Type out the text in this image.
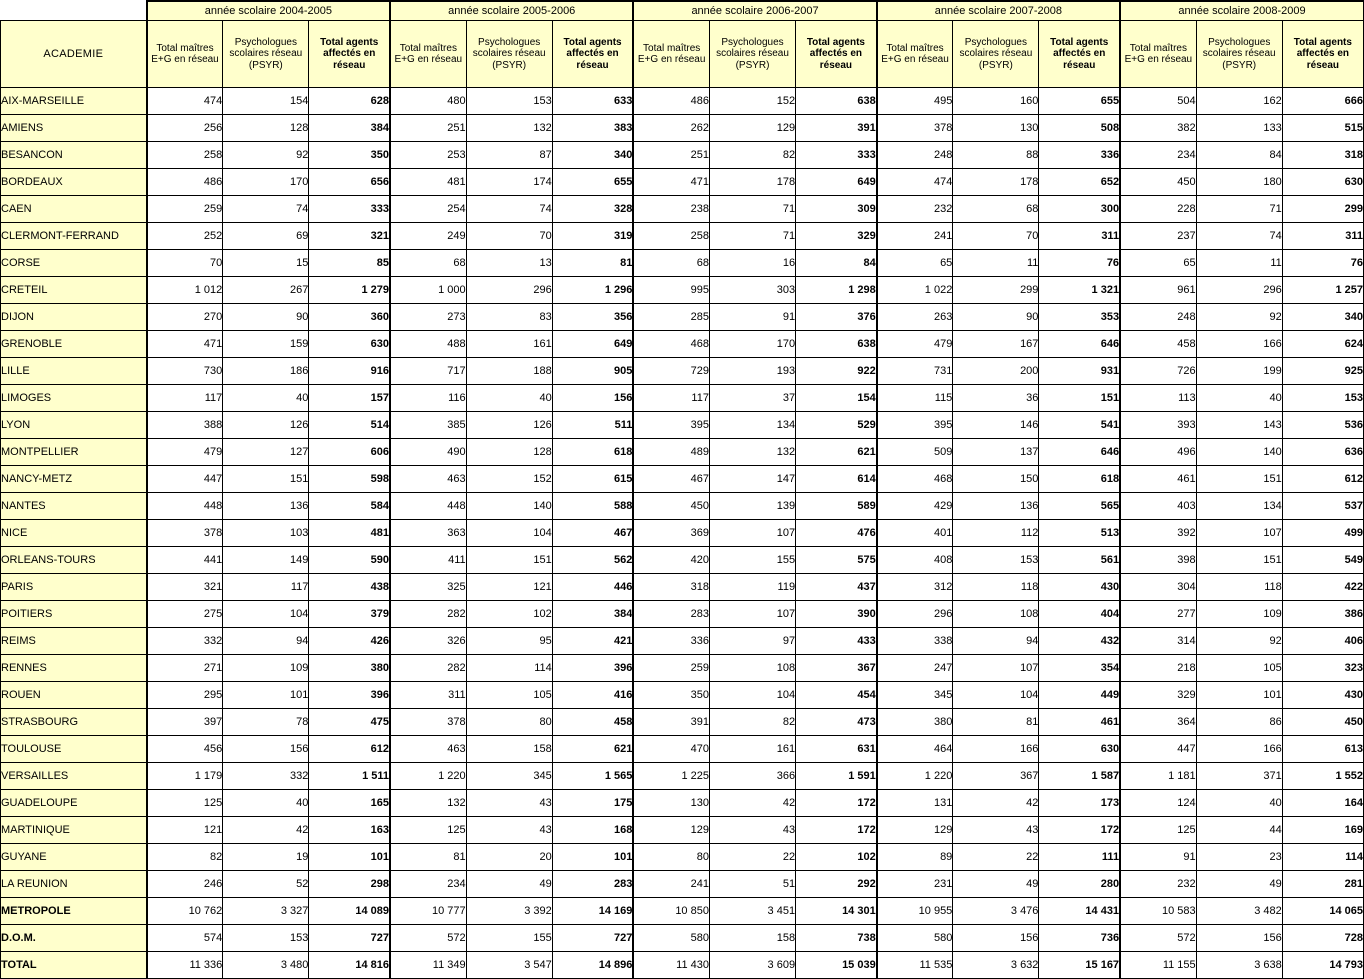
	année scolaire 2004-2005			année scolaire 2005-2006			année scolaire 2006-2007			année scolaire 2007-2008			année scolaire 2008-2009		
ACADEMIE	Total maîtres E+G en réseau	Psychologues scolaires réseau (PSYR)	Total agents affectés en réseau	Total maîtres E+G en réseau	Psychologues scolaires réseau (PSYR)	Total agents affectés en réseau	Total maîtres E+G en réseau	Psychologues scolaires réseau (PSYR)	Total agents affectés en réseau	Total maîtres E+G en réseau	Psychologues scolaires réseau (PSYR)	Total agents affectés en réseau	Total maîtres E+G en réseau	Psychologues scolaires réseau (PSYR)	Total agents affectés en réseau
AIX-MARSEILLE	474	154	628	480	153	633	486	152	638	495	160	655	504	162	666
AMIENS	256	128	384	251	132	383	262	129	391	378	130	508	382	133	515
BESANCON	258	92	350	253	87	340	251	82	333	248	88	336	234	84	318
BORDEAUX	486	170	656	481	174	655	471	178	649	474	178	652	450	180	630
CAEN	259	74	333	254	74	328	238	71	309	232	68	300	228	71	299
CLERMONT-FERRAND	252	69	321	249	70	319	258	71	329	241	70	311	237	74	311
CORSE	70	15	85	68	13	81	68	16	84	65	11	76	65	11	76
CRETEIL	1 012	267	1 279	1 000	296	1 296	995	303	1 298	1 022	299	1 321	961	296	1 257
DIJON	270	90	360	273	83	356	285	91	376	263	90	353	248	92	340
GRENOBLE	471	159	630	488	161	649	468	170	638	479	167	646	458	166	624
LILLE	730	186	916	717	188	905	729	193	922	731	200	931	726	199	925
LIMOGES	117	40	157	116	40	156	117	37	154	115	36	151	113	40	153
LYON	388	126	514	385	126	511	395	134	529	395	146	541	393	143	536
MONTPELLIER	479	127	606	490	128	618	489	132	621	509	137	646	496	140	636
NANCY-METZ	447	151	598	463	152	615	467	147	614	468	150	618	461	151	612
NANTES	448	136	584	448	140	588	450	139	589	429	136	565	403	134	537
NICE	378	103	481	363	104	467	369	107	476	401	112	513	392	107	499
ORLEANS-TOURS	441	149	590	411	151	562	420	155	575	408	153	561	398	151	549
PARIS	321	117	438	325	121	446	318	119	437	312	118	430	304	118	422
POITIERS	275	104	379	282	102	384	283	107	390	296	108	404	277	109	386
REIMS	332	94	426	326	95	421	336	97	433	338	94	432	314	92	406
RENNES	271	109	380	282	114	396	259	108	367	247	107	354	218	105	323
ROUEN	295	101	396	311	105	416	350	104	454	345	104	449	329	101	430
STRASBOURG	397	78	475	378	80	458	391	82	473	380	81	461	364	86	450
TOULOUSE	456	156	612	463	158	621	470	161	631	464	166	630	447	166	613
VERSAILLES	1 179	332	1 511	1 220	345	1 565	1 225	366	1 591	1 220	367	1 587	1 181	371	1 552
GUADELOUPE	125	40	165	132	43	175	130	42	172	131	42	173	124	40	164
MARTINIQUE	121	42	163	125	43	168	129	43	172	129	43	172	125	44	169
GUYANE	82	19	101	81	20	101	80	22	102	89	22	111	91	23	114
LA REUNION	246	52	298	234	49	283	241	51	292	231	49	280	232	49	281
METROPOLE	10 762	3 327	14 089	10 777	3 392	14 169	10 850	3 451	14 301	10 955	3 476	14 431	10 583	3 482	14 065
D.O.M.	574	153	727	572	155	727	580	158	738	580	156	736	572	156	728
TOTAL	11 336	3 480	14 816	11 349	3 547	14 896	11 430	3 609	15 039	11 535	3 632	15 167	11 155	3 638	14 793
